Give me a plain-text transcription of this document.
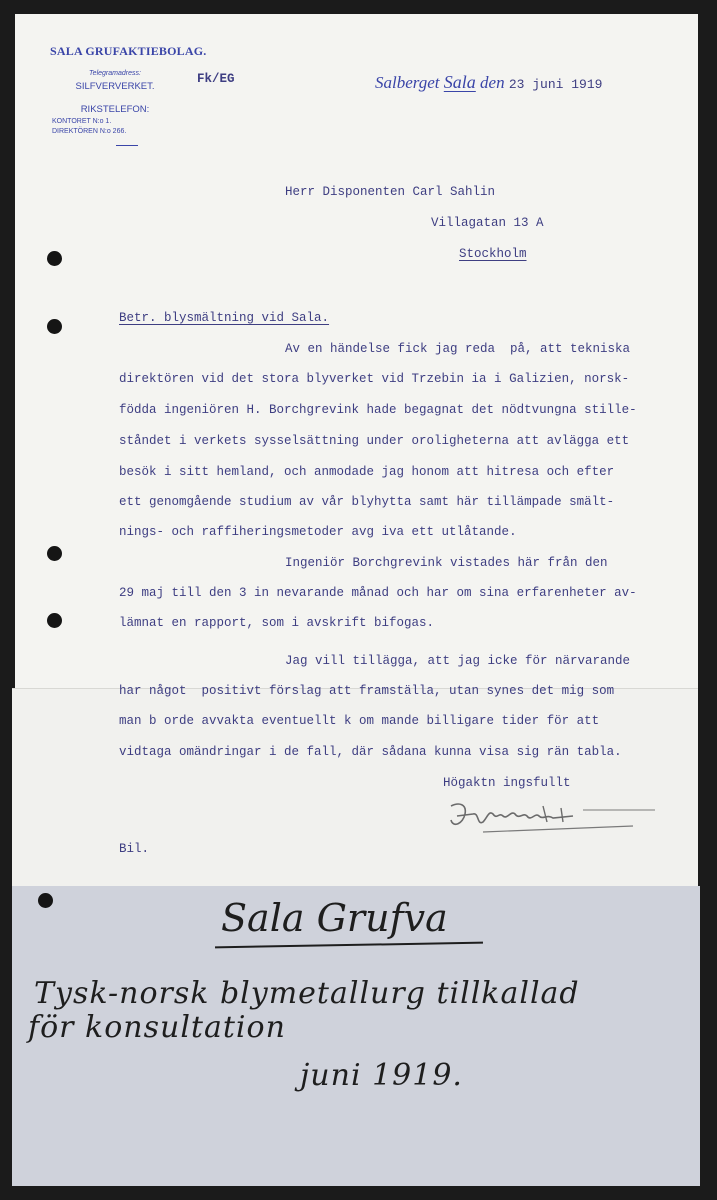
SALA GRUFAKTIEBOLAG.
Telegramadress:
SILFVERVERKET.
RIKSTELEFON:
KONTORET N:o 1.
DIREKTÖREN N:o 266.
Fk/EG	Salberget Sala den 23 juni 1919
Herr Disponenten Carl Sahlin
Villagatan 13 A
Stockholm
Betr. blysmältning vid Sala.
Av en händelse fick jag reda  på, att tekniska
direktören vid det stora blyverket vid Trzebin ia i Galizien, norsk-
födda ingeniören H. Borchgrevink hade begagnat det nödtvungna stille-
ståndet i verkets sysselsättning under oroligheterna att avlägga ett
besök i sitt hemland, och anmodade jag honom att hitresa och efter
ett genomgående studium av vår blyhytta samt här tillämpade smält-
nings- och raffiheringsmetoder avg iva ett utlåtande.
Ingeniör Borchgrevink vistades här från den
29 maj till den 3 in nevarande månad och har om sina erfarenheter av-
lämnat en rapport, som i avskrift bifogas.
Jag vill tillägga, att jag icke för närvarande
har något  positivt förslag att framställa, utan synes det mig som
man b orde avvakta eventuellt k om mande billigare tider för att
vidtaga omändringar i de fall, där sådana kunna visa sig rän tabla.
Högaktn ingsfullt
Bil.
Sala Grufva
Tysk-norsk blymetallurg tillkallad
för konsultation
juni 1919.
